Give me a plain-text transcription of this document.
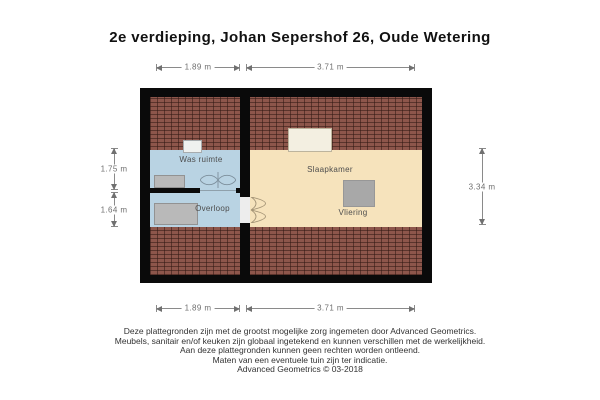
2e verdieping, Johan Sepershof 26, Oude Wetering
1.89 m	3.71 m
1.75 m
1.64 m
3.34 m
Was ruimte
Overloop
Slaapkamer
Vliering
1.89 m	3.71 m
Deze plattegronden zijn met de grootst mogelijke zorg ingemeten door Advanced Geometrics.
Meubels, sanitair en/of keuken zijn globaal ingetekend en kunnen verschillen met de werkelijkheid.
Aan deze plattegronden kunnen geen rechten worden ontleend.
Maten van een eventuele tuin zijn ter indicatie.
Advanced Geometrics © 03-2018
